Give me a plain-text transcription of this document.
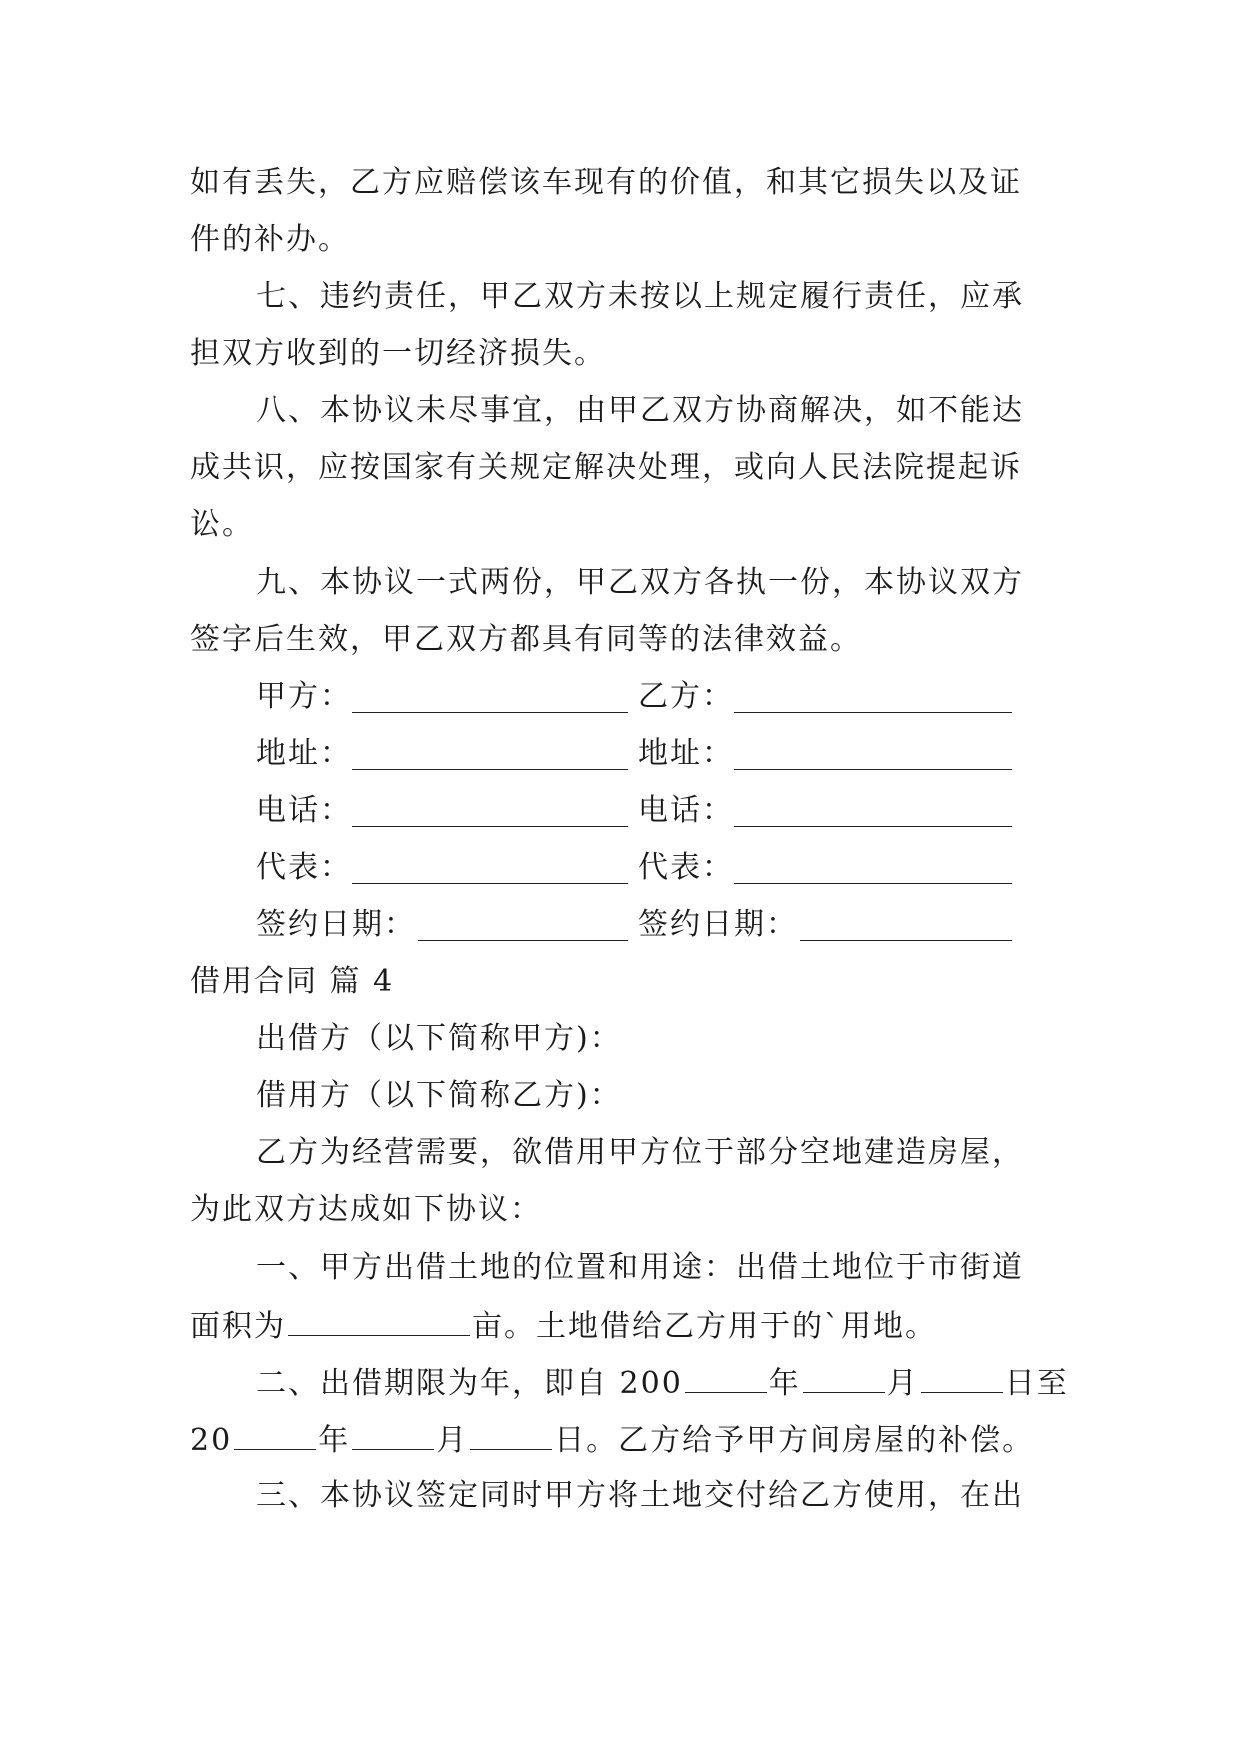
如有丢失，乙方应赔偿该车现有的价值，和其它损失以及证
件的补办。
七、违约责任，甲乙双方未按以上规定履行责任，应承
担双方收到的一切经济损失。
八、本协议未尽事宜，由甲乙双方协商解决，如不能达
成共识，应按国家有关规定解决处理，或向人民法院提起诉
讼。
九、本协议一式两份，甲乙双方各执一份，本协议双方
签字后生效，甲乙双方都具有同等的法律效益。
甲方：	乙方：
地址：	地址：
电话：	电话：
代表：	代表：
签约日期：	签约日期：
借用合同 篇 4
出借方（以下简称甲方)：
借用方（以下简称乙方)：
乙方为经营需要，欲借用甲方位于部分空地建造房屋，
为此双方达成如下协议：
一、甲方出借土地的位置和用途：出借土地位于市街道
面积为	亩。土地借给乙方用于的`用地。
二、出借期限为年，即自 200	年	月	日至
20	年	月	日。乙方给予甲方间房屋的补偿。
三、本协议签定同时甲方将土地交付给乙方使用，在出
